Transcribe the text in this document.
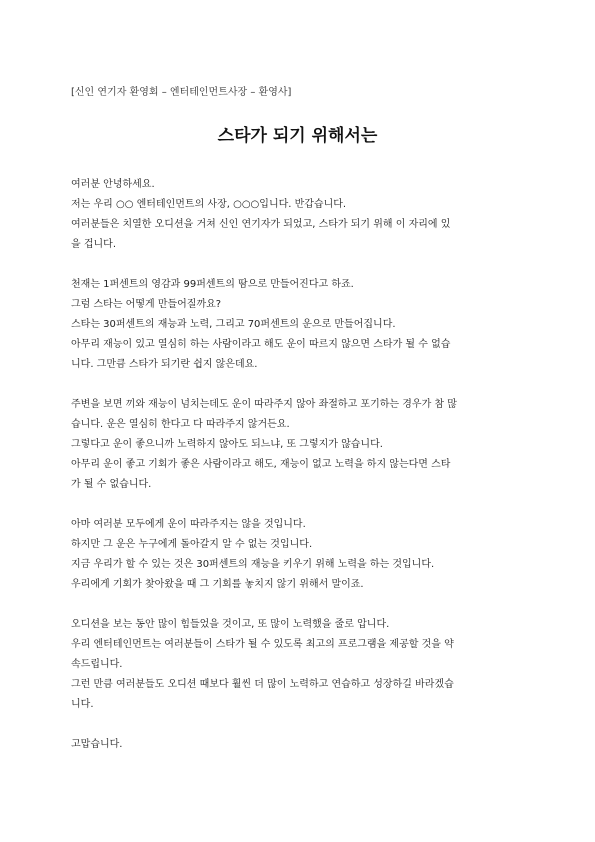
[신인 연기자 환영회 – 엔터테인먼트사장 – 환영사]
스타가 되기 위해서는
여러분 안녕하세요.
저는 우리 ○○ 엔터테인먼트의 사장, ○○○입니다. 반갑습니다.
여러분들은 치열한 오디션을 거쳐 신인 연기자가 되었고, 스타가 되기 위해 이 자리에 있
을 겁니다.
천재는 1퍼센트의 영감과 99퍼센트의 땀으로 만들어진다고 하죠.
그럼 스타는 어떻게 만들어질까요?
스타는 30퍼센트의 재능과 노력, 그리고 70퍼센트의 운으로 만들어집니다.
아무리 재능이 있고 열심히 하는 사람이라고 해도 운이 따르지 않으면 스타가 될 수 없습
니다. 그만큼 스타가 되기란 쉽지 않은데요.
주변을 보면 끼와 재능이 넘치는데도 운이 따라주지 않아 좌절하고 포기하는 경우가 참 많
습니다. 운은 열심히 한다고 다 따라주지 않거든요.
그렇다고 운이 좋으니까 노력하지 않아도 되느냐, 또 그렇지가 않습니다.
아무리 운이 좋고 기회가 좋은 사람이라고 해도, 재능이 없고 노력을 하지 않는다면 스타
가 될 수 없습니다.
아마 여러분 모두에게 운이 따라주지는 않을 것입니다.
하지만 그 운은 누구에게 돌아갈지 알 수 없는 것입니다.
지금 우리가 할 수 있는 것은 30퍼센트의 재능을 키우기 위해 노력을 하는 것입니다.
우리에게 기회가 찾아왔을 때 그 기회를 놓치지 않기 위해서 말이죠.
오디션을 보는 동안 많이 힘들었을 것이고, 또 많이 노력했을 줄로 압니다.
우리 엔터테인먼트는 여러분들이 스타가 될 수 있도록 최고의 프로그램을 제공할 것을 약
속드립니다.
그런 만큼 여러분들도 오디션 때보다 훨씬 더 많이 노력하고 연습하고 성장하길 바라겠습
니다.
고맙습니다.
